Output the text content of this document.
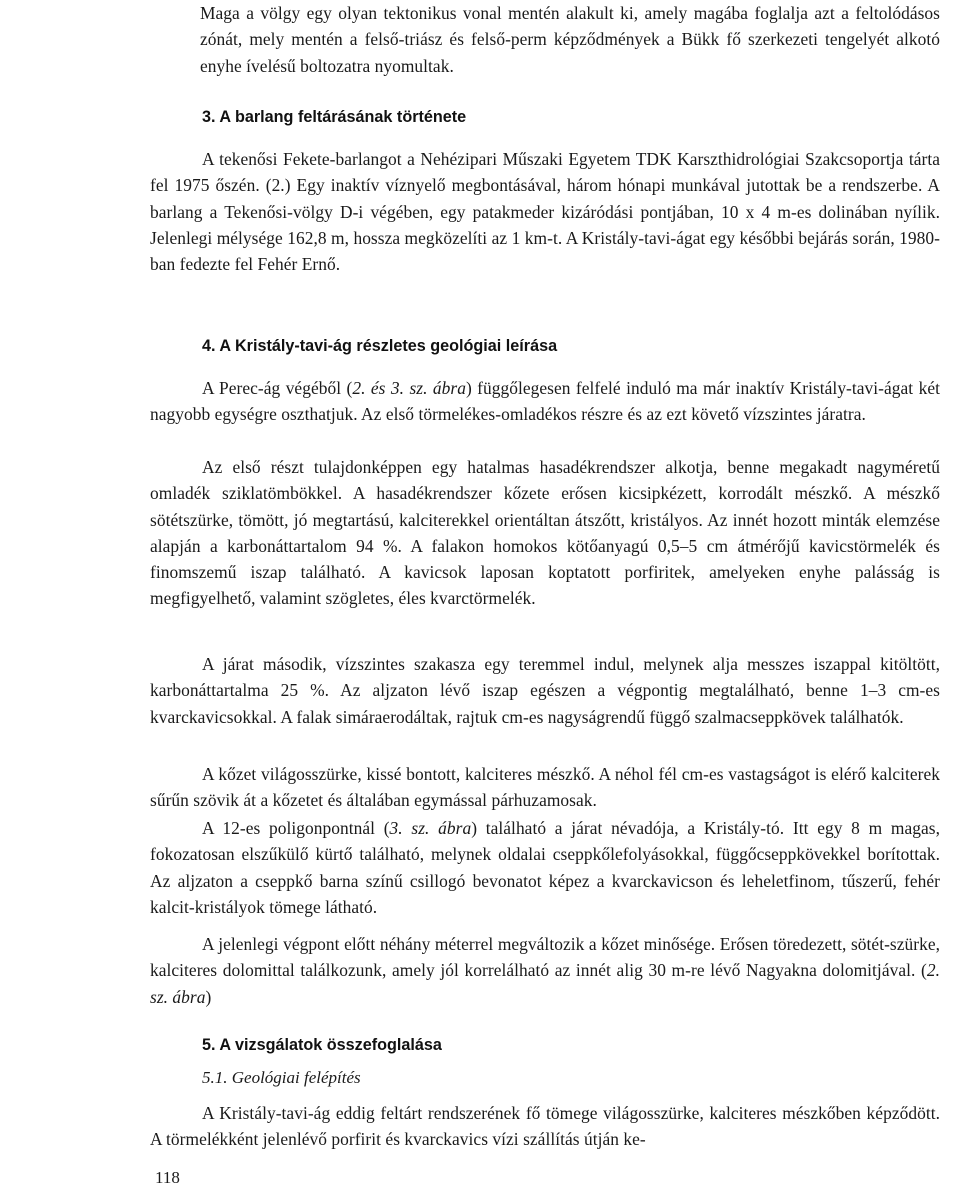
Maga a völgy egy olyan tektonikus vonal mentén alakult ki, amely magába foglalja azt a feltolódásos zónát, mely mentén a felső-triász és felső-perm képződmények a Bükk fő szerkezeti tengelyét alkotó enyhe ívelésű boltozatra nyomultak.

3. A barlang feltárásának története

A tekenősi Fekete-barlangot a Nehézipari Műszaki Egyetem TDK Karszthidrológiai Szakcsoportja tárta fel 1975 őszén. (2.) Egy inaktív víznyelő megbontásával, három hónapi munkával jutottak be a rendszerbe. A barlang a Tekenősi-völgy D-i végében, egy patakmeder kizáródási pontjában, 10 x 4 m-es dolinában nyílik. Jelenlegi mélysége 162,8 m, hossza megközelíti az 1 km-t. A Kristály-tavi-ágat egy későbbi bejárás során, 1980-ban fedezte fel Fehér Ernő.

4. A Kristály-tavi-ág részletes geológiai leírása

A Perec-ág végéből (2. és 3. sz. ábra) függőlegesen felfelé induló ma már inaktív Kristály-tavi-ágat két nagyobb egységre oszthatjuk. Az első törmelékes-omladékos részre és az ezt követő vízszintes járatra.

Az első részt tulajdonképpen egy hatalmas hasadékrendszer alkotja, benne megakadt nagyméretű omladék sziklatömbökkel. A hasadékrendszer kőzete erősen kicsipkézett, korrodált mészkő. A mészkő sötétszürke, tömött, jó megtartású, kalciterekkel orientáltan átszőtt, kristályos. Az innét hozott minták elemzése alapján a karbonáttartalom 94 %. A falakon homokos kötőanyagú 0,5–5 cm átmérőjű kavicstörmelék és finomszemű iszap található. A kavicsok laposan koptatott porfiritek, amelyeken enyhe palásság is megfigyelhető, valamint szögletes, éles kvarctörmelék.

A járat második, vízszintes szakasza egy teremmel indul, melynek alja messzes iszappal kitöltött, karbonáttartalma 25 %. Az aljzaton lévő iszap egészen a végpontig megtalálható, benne 1–3 cm-es kvarckavicsokkal. A falak simáraerodáltak, rajtuk cm-es nagyságrendű függő szalmacseppkövek találhatók.

A kőzet világosszürke, kissé bontott, kalciteres mészkő. A néhol fél cm-es vastagságot is elérő kalciterek sűrűn szövik át a kőzetet és általában egymással párhuzamosak.

A 12-es poligonpontnál (3. sz. ábra) található a járat névadója, a Kristály-tó. Itt egy 8 m magas, fokozatosan elszűkülő kürtő található, melynek oldalai cseppkőlefolyásokkal, függőcseppkövekkel borítottak. Az aljzaton a cseppkő barna színű csillogó bevonatot képez a kvarckavicson és leheletfinom, tűszerű, fehér kalcit-kristályok tömege látható.

A jelenlegi végpont előtt néhány méterrel megváltozik a kőzet minősége. Erősen töredezett, sötét-szürke, kalciteres dolomittal találkozunk, amely jól korrelálható az innét alig 30 m-re lévő Nagyakna dolomitjával. (2. sz. ábra)

5. A vizsgálatok összefoglalása
5.1. Geológiai felépítés

A Kristály-tavi-ág eddig feltárt rendszerének fő tömege világosszürke, kalciteres mészkőben képződött. A törmelékként jelenlévő porfirit és kvarckavics vízi szállítás útján ke-

118
